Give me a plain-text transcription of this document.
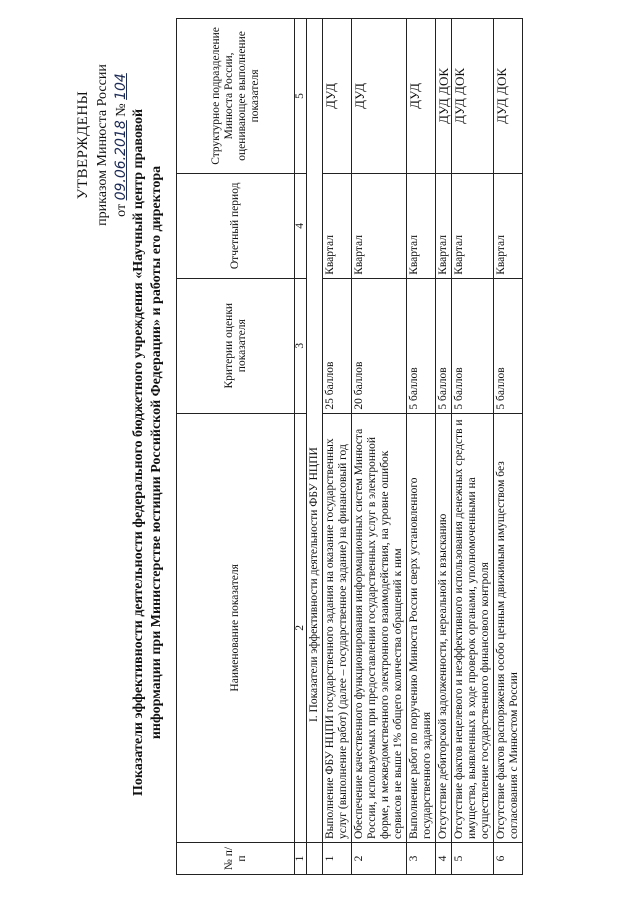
УТВЕРЖДЕНЫ приказом Минюста России от 09.06.2018 № 104
Показатели эффективности деятельности федерального бюджетного учреждения «Научный центр правовой информации при Министерстве юстиции Российской Федерации» и работы его директора
№ п/п	Наименование показателя	Критерии оценки показателя	Отчетный период	Структурное подразделение Минюста России, оценивающее выполнение показателя
1	2	3	4	5
	I. Показатели эффективности деятельности ФБУ НЦПИ			
1	Выполнение ФБУ НЦПИ государственного задания на оказание государственных услуг (выполнение работ) (далее – государственное задание) на финансовый год	25 баллов	Квартал	ДУД
2	Обеспечение качественного функционирования информационных систем Минюста России, используемых при предоставлении государственных услуг в электронной форме, и межведомственного электронного взаимодействия, на уровне ошибок сервисов не выше 1% общего количества обращений к ним	20 баллов	Квартал	ДУД
3	Выполнение работ по поручению Минюста России сверх установленного государственного задания	5 баллов	Квартал	ДУД
4	Отсутствие дебиторской задолженности, нереальной к взысканию	5 баллов	Квартал	ДУД ДОК
5	Отсутствие фактов нецелевого и неэффективного использования денежных средств и имущества, выявленных в ходе проверок органами, уполномоченными на осуществление государственного финансового контроля	5 баллов	Квартал	ДУД ДОК
6	Отсутствие фактов распоряжения особо ценным движимым имуществом без согласования с Минюстом России	5 баллов	Квартал	ДУД ДОК
